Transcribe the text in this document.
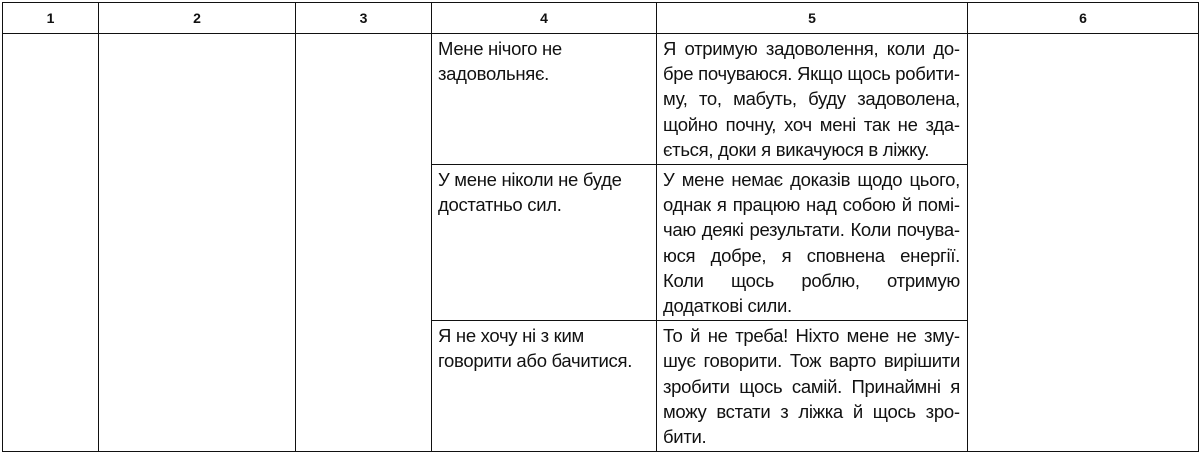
1	2	3	4	5	6
			Мене нічого не задовольняє.	Я отримую задоволення, коли добре почуваюся. Якщо щось робитиму, то, мабуть, буду задоволена, щойно почну, хоч мені так не здається, доки я викачуюся в ліжку.	
			У мене ніколи не буде достатньо сил.	У мене немає доказів щодо цього, однак я працюю над собою й помічаю деякі результати. Коли почуваюся добре, я сповнена енергії. Коли щось роблю, отримую додаткові сили.	
			Я не хочу ні з ким говорити або бачитися.	То й не треба! Ніхто мене не змушує говорити. Тож варто вирішити зробити щось самій. Принаймні я можу встати з ліжка й щось зробити.	
